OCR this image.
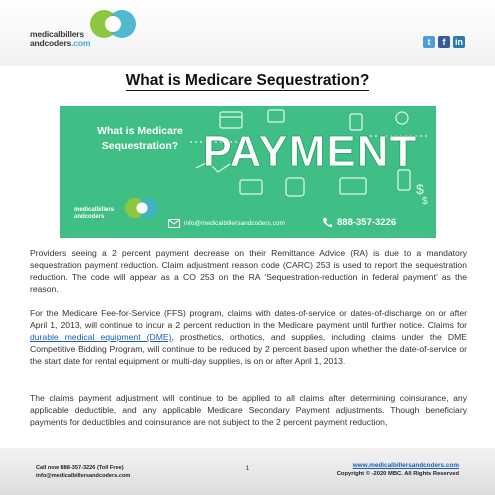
medicalbillers
andcoders.com	t	f	in
What is Medicare Sequestration?
What is Medicare Sequestration?
$
$
PAYMENT
medicalbillers
andcoders
info@medicalbillersandcoders.com	888-357-3226
Providers seeing a 2 percent payment decrease on their Remittance Advice (RA) is due to a mandatory sequestration payment reduction. Claim adjustment reason code (CARC) 253 is used to report the sequestration reduction. The code will appear as a CO 253 on the RA ‘Sequestration-reduction in federal payment’ as the reason.
For the Medicare Fee-for-Service (FFS) program, claims with dates-of-service or dates-of-discharge on or after April 1, 2013, will continue to incur a 2 percent reduction in the Medicare payment until further notice. Claims for durable medical equipment (DME), prosthetics, orthotics, and supplies, including claims under the DME Competitive Bidding Program, will continue to be reduced by 2 percent based upon whether the date-of-service or the start date for rental equipment or multi-day supplies, is on or after April 1, 2013.
The claims payment adjustment will continue to be applied to all claims after determining coinsurance, any applicable deductible, and any applicable Medicare Secondary Payment adjustments. Though beneficiary payments for deductibles and coinsurance are not subject to the 2 percent payment reduction,
Call now 888-357-3226 (Toll Free)
info@medicalbillersandcoders.com
1	www.medicalbillersandcoders.com
Copyright © -2020 MBC. All Rights Reserved
